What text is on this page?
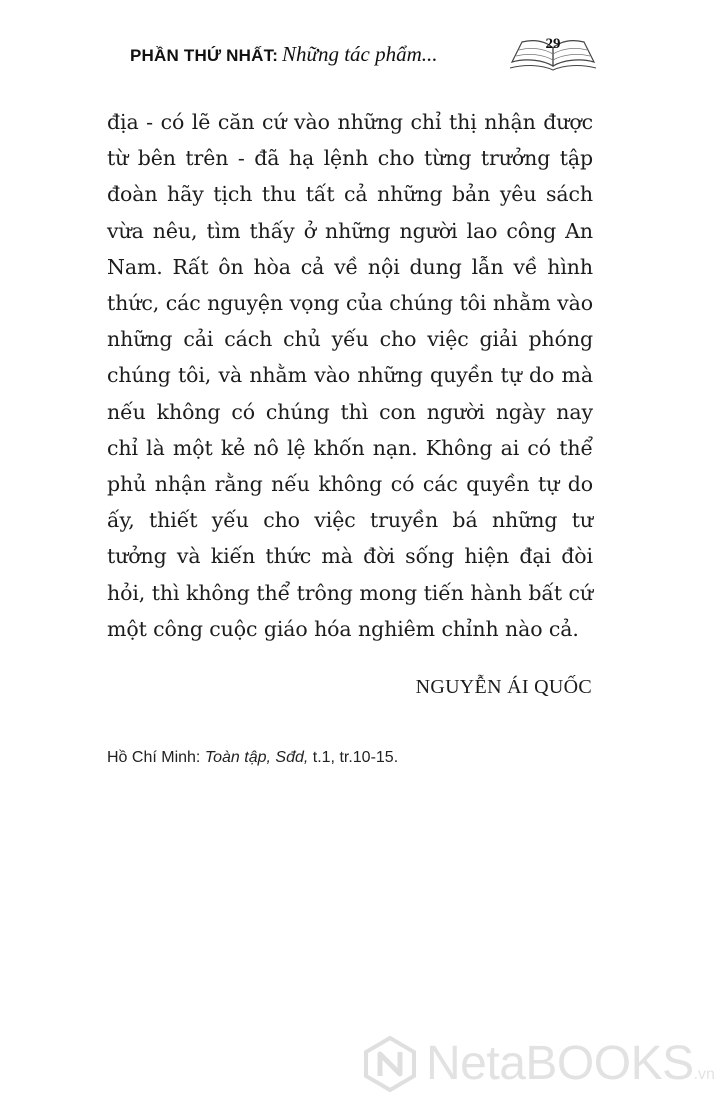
PHẦN THỨ NHẤT: Những tác phẩm...	29
địa - có lẽ căn cứ vào những chỉ thị nhận được
từ bên trên - đã hạ lệnh cho từng trưởng tập
đoàn hãy tịch thu tất cả những bản yêu sách
vừa nêu, tìm thấy ở những người lao công An
Nam. Rất ôn hòa cả về nội dung lẫn về hình
thức, các nguyện vọng của chúng tôi nhằm vào
những cải cách chủ yếu cho việc giải phóng
chúng tôi, và nhằm vào những quyền tự do mà
nếu không có chúng thì con người ngày nay
chỉ là một kẻ nô lệ khốn nạn. Không ai có thể
phủ nhận rằng nếu không có các quyền tự do
ấy, thiết yếu cho việc truyền bá những tư
tưởng và kiến thức mà đời sống hiện đại đòi
hỏi, thì không thể trông mong tiến hành bất cứ
một công cuộc giáo hóa nghiêm chỉnh nào cả.
NGUYỄN ÁI QUỐC
Hồ Chí Minh: Toàn tập, Sđd, t.1, tr.10-15.
NetaBOOKS.vn
